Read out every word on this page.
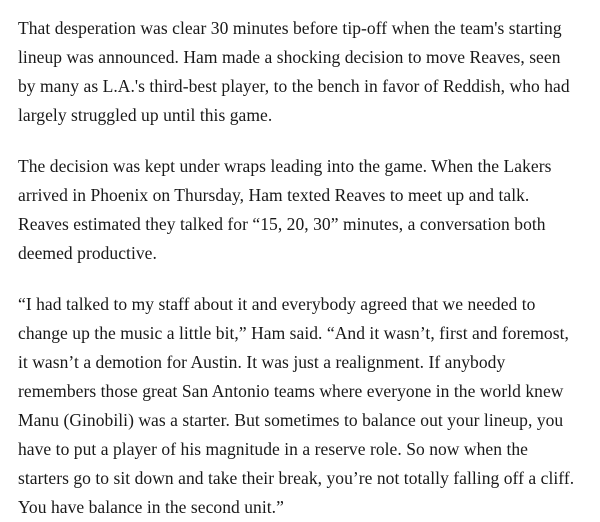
That desperation was clear 30 minutes before tip-off when the team's starting lineup was announced. Ham made a shocking decision to move Reaves, seen by many as L.A.'s third-best player, to the bench in favor of Reddish, who had largely struggled up until this game.

The decision was kept under wraps leading into the game. When the Lakers arrived in Phoenix on Thursday, Ham texted Reaves to meet up and talk. Reaves estimated they talked for “15, 20, 30” minutes, a conversation both deemed productive.

“I had talked to my staff about it and everybody agreed that we needed to change up the music a little bit,” Ham said. “And it wasn’t, first and foremost, it wasn’t a demotion for Austin. It was just a realignment. If anybody remembers those great San Antonio teams where everyone in the world knew Manu (Ginobili) was a starter. But sometimes to balance out your lineup, you have to put a player of his magnitude in a reserve role. So now when the starters go to sit down and take their break, you’re not totally falling off a cliff. You have balance in the second unit.”
